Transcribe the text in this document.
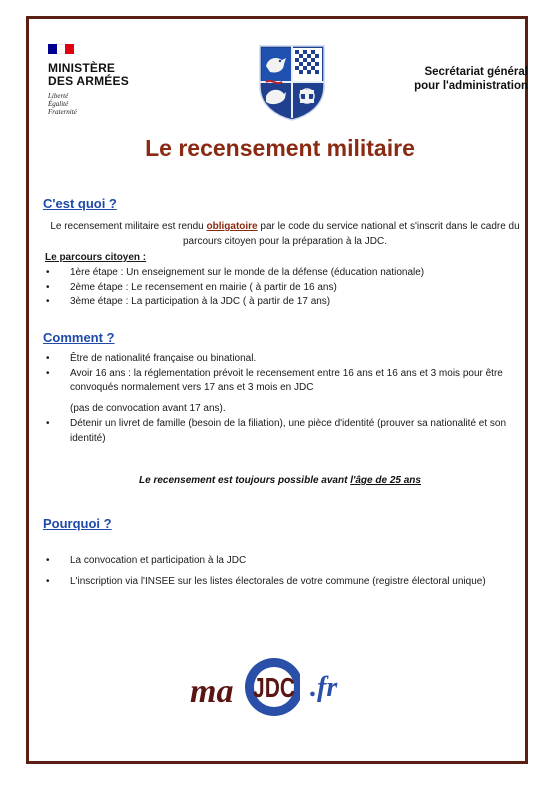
MINISTÈRE
DES ARMÉES
Liberté
Égalité
Fraternité
Secrétariat général
pour l'administration
Le recensement militaire
C'est quoi ?
Le recensement militaire est rendu obligatoire par le code du service national et s'inscrit dans le cadre du parcours citoyen pour la préparation à la JDC.
Le parcours citoyen :
• 1ère étape : Un enseignement sur le monde de la défense (éducation nationale)
• 2ème étape : Le recensement en mairie ( à partir de 16 ans)
• 3ème étape : La participation à la JDC ( à partir de 17 ans)
Comment ?
• Être de nationalité française ou binational.
• Avoir 16 ans : la réglementation prévoit le recensement entre 16 ans et 16 ans et 3 mois pour être convoqués normalement vers 17 ans et 3 mois en JDC
(pas de convocation avant 17 ans).
• Détenir un livret de famille (besoin de la filiation), une pièce d'identité (prouver sa nationalité et son identité)
Le recensement est toujours possible avant l'âge de 25 ans
Pourquoi ?
• La convocation et participation à la JDC
• L'inscription via l'INSEE sur les listes électorales de votre commune (registre électoral unique)
ma JDC .fr
